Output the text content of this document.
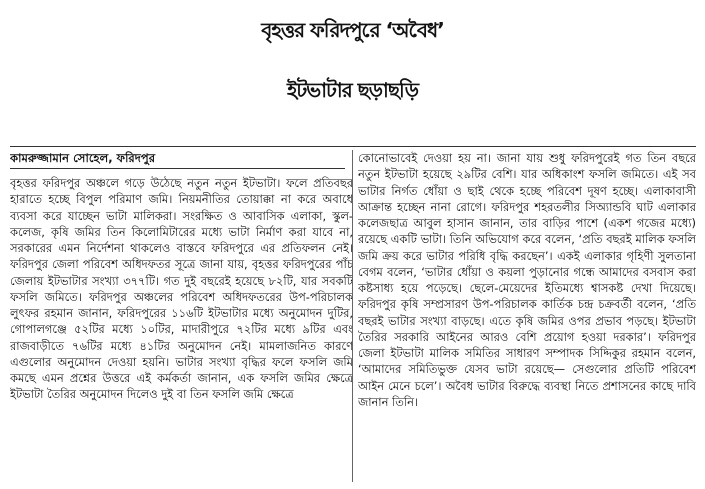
বৃহত্তর ফরিদপুরে ‘অবৈধ’
ইটভাটার ছড়াছড়ি
কামরুজ্জামান সোহেল, ফরিদপুর

বৃহত্তর ফরিদপুর অঞ্চলে গড়ে উঠেছে নতুন নতুন ইটভাটা। ফলে প্রতিবছর হারাতে হচ্ছে বিপুল পরিমাণ জমি। নিয়মনীতির তোয়াক্কা না করে অবাধে ব্যবসা করে যাচ্ছেন ভাটা মালিকরা। সংরক্ষিত ও আবাসিক এলাকা, স্কুল-কলেজ, কৃষি জমির তিন কিলোমিটারের মধ্যে ভাটা নির্মাণ করা যাবে না, সরকারের এমন নির্দেশনা থাকলেও বাস্তবে ফরিদপুরে এর প্রতিফলন নেই। ফরিদপুর জেলা পরিবেশ অধিদফতর সূত্রে জানা যায়, বৃহত্তর ফরিদপুরের পাঁচ জেলায় ইটভাটার সংখ্যা ৩৭৭টি। গত দুই বছরেই হয়েছে ৮২টি, যার সবকটি ফসলি জমিতে। ফরিদপুর অঞ্চলের পরিবেশ অধিদফতরের উপ-পরিচালক লুৎফর রহমান জানান, ফরিদপুরের ১১৬টি ইটভাটার মধ্যে অনুমোদন দুটির, গোপালগঞ্জে ৫২টির মধ্যে ১০টির, মাদারীপুরে ৭২টির মধ্যে ৯টির এবং রাজবাড়ীতে ৭৬টির মধ্যে ৪১টির অনুমোদন নেই। মামলাজনিত কারণে এগুলোর অনুমোদন দেওয়া হয়নি। ভাটার সংখ্যা বৃদ্ধির ফলে ফসলি জমি কমছে এমন প্রশ্নের উত্তরে এই কর্মকর্তা জানান, এক ফসলি জমির ক্ষেত্রে ইটভাটা তৈরির অনুমোদন দিলেও দুই বা তিন ফসলি জমি ক্ষেত্রে

কোনোভাবেই দেওয়া হয় না। জানা যায় শুধু ফরিদপুরেই গত তিন বছরে নতুন ইটভাটা হয়েছে ২৯টির বেশি। যার অধিকাংশ ফসলি জমিতে। এই সব ভাটার নির্গত ধোঁয়া ও ছাই থেকে হচ্ছে পরিবেশ দূষণ হচ্ছে। এলাকাবাসী আক্রান্ত হচ্ছেন নানা রোগে। ফরিদপুর শহরতলীর সিঅ্যান্ডবি ঘাট এলাকার কলেজছাত্র আবুল হাসান জানান, তার বাড়ির পাশে (একশ গজের মধ্যে) রয়েছে একটি ভাটা। তিনি অভিযোগ করে বলেন, ‘প্রতি বছরই মালিক ফসলি জমি ক্রয় করে ভাটার পরিধি বৃদ্ধি করছেন’। একই এলাকার গৃহিণী সুলতানা বেগম বলেন, ‘ভাটার ধোঁয়া ও কয়লা পুড়ানোর গন্ধে আমাদের বসবাস করা কষ্টসাধ্য হয়ে পড়েছে। ছেলে-মেয়েদের ইতিমধ্যে শ্বাসকষ্ট দেখা দিয়েছে। ফরিদপুর কৃষি সম্প্রসারণ উপ-পরিচালক কার্তিক চন্দ্র চক্রবর্তী বলেন, ‘প্রতি বছরই ভাটার সংখ্যা বাড়ছে। এতে কৃষি জমির ওপর প্রভাব পড়ছে। ইটভাটা তৈরির সরকারি আইনের আরও বেশি প্রয়োগ হওয়া দরকার’। ফরিদপুর জেলা ইটভাটা মালিক সমিতির সাধারণ সম্পাদক সিদ্দিকুর রহমান বলেন, ‘আমাদের সমিতিভুক্ত যেসব ভাটা রয়েছে— সেগুলোর প্রতিটি পরিবেশ আইন মেনে চলে’। অবৈধ ভাটার বিরুদ্ধে ব্যবস্থা নিতে প্রশাসনের কাছে দাবি জানান তিনি।
